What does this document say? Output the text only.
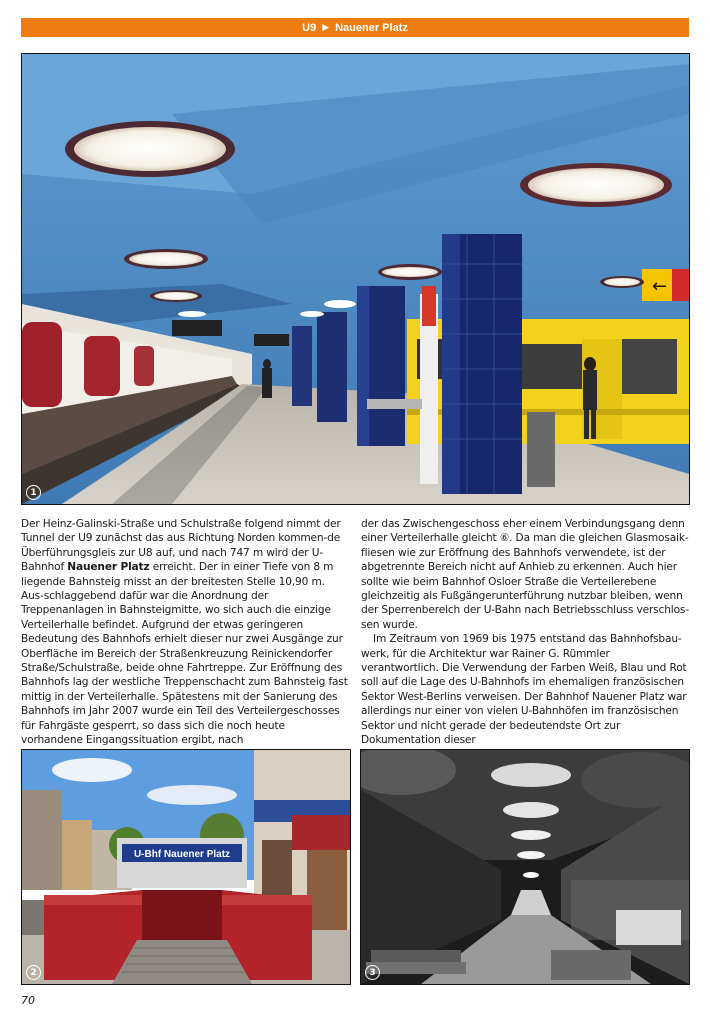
U9 ▶ Nauener Platz
←
1

Der Heinz-Galinski-Straße und Schulstraße folgend nimmt der Tunnel der U9 zunächst das aus Richtung Norden kommen-de Überführungsgleis zur U8 auf, und nach 747 m wird der U-Bahnhof Nauener Platz erreicht. Der in einer Tiefe von 8 m liegende Bahnsteig misst an der breitesten Stelle 10,90 m. Aus-schlaggebend dafür war die Anordnung der Treppenanlagen in Bahnsteigmitte, wo sich auch die einzige Verteilerhalle befindet. Aufgrund der etwas geringeren Bedeutung des Bahnhofs erhielt dieser nur zwei Ausgänge zur Oberfläche im Bereich der Straßenkreuzung Reinickendorfer Straße/Schulstraße, beide ohne Fahrtreppe. Zur Eröffnung des Bahnhofs lag der westliche Treppenschacht zum Bahnsteig fast mittig in der Verteilerhalle. Spätestens mit der Sanierung des Bahnhofs im Jahr 2007 wurde ein Teil des Verteilergeschosses für Fahrgäste gesperrt, so dass sich die noch heute vorhandene Eingangssituation ergibt, nach

der das Zwischengeschoss eher einem Verbindungsgang denn einer Verteilerhalle gleicht ⑥. Da man die gleichen Glasmosaik-fliesen wie zur Eröffnung des Bahnhofs verwendete, ist der abgetrennte Bereich nicht auf Anhieb zu erkennen. Auch hier sollte wie beim Bahnhof Osloer Straße die Verteilerebene gleichzeitig als Fußgängerunterführung nutzbar bleiben, wenn der Sperrenbereich der U-Bahn nach Betriebsschluss verschlos-sen wurde.

Im Zeitraum von 1969 bis 1975 entstand das Bahnhofsbau-werk, für die Architektur war Rainer G. Rümmler verantwortlich. Die Verwendung der Farben Weiß, Blau und Rot soll auf die Lage des U-Bahnhofs im ehemaligen französischen Sektor West-Berlins verweisen. Der Bahnhof Nauener Platz war allerdings nur einer von vielen U-Bahnhöfen im französischen Sektor und nicht gerade der bedeutendste Ort zur Dokumentation dieser

U-Bhf Nauener Platz
2	3
70
